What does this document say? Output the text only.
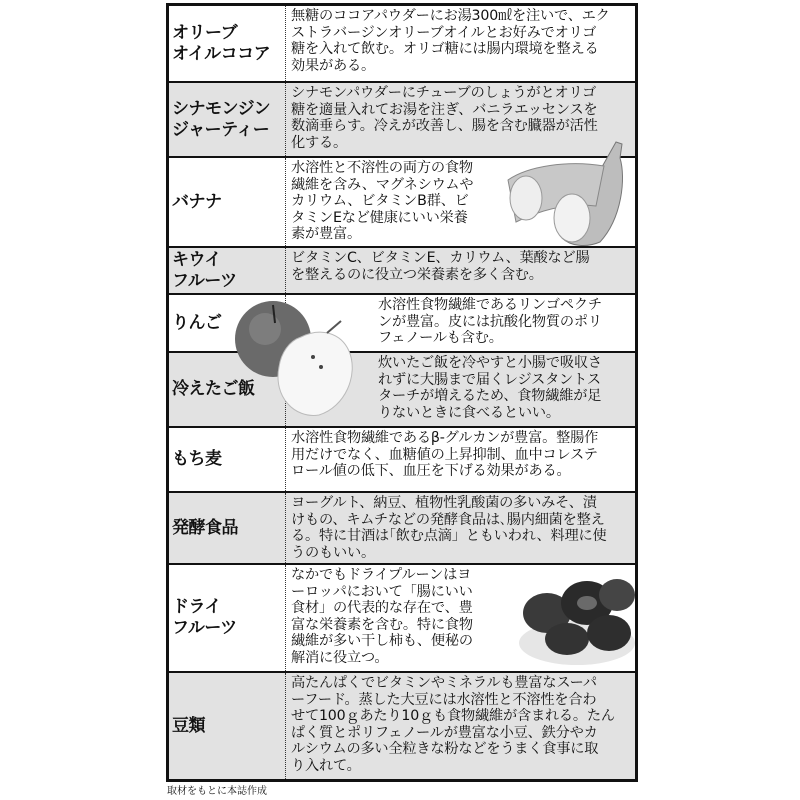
オリーブ
オイルココア
無糖のココアパウダーにお湯300㎖を注いで、エク
ストラバージンオリーブオイルとお好みでオリゴ
糖を入れて飲む。オリゴ糖には腸内環境を整える
効果がある。
シナモンジン
ジャーティー
シナモンパウダーにチューブのしょうがとオリゴ
糖を適量入れてお湯を注ぎ、バニラエッセンスを
数滴垂らす。冷えが改善し、腸を含む臓器が活性
化する。
バナナ
水溶性と不溶性の両方の食物
繊維を含み、マグネシウムや
カリウム、ビタミンB群、ビ
タミンEなど健康にいい栄養
素が豊富。
キウイ
フルーツ
ビタミンC、ビタミンE、カリウム、葉酸など腸
を整えるのに役立つ栄養素を多く含む。
りんご
水溶性食物繊維であるリンゴペクチ
ンが豊富。皮には抗酸化物質のポリ
フェノールも含む。
冷えたご飯
炊いたご飯を冷やすと小腸で吸収さ
れずに大腸まで届くレジスタントス
ターチが増えるため、食物繊維が足
りないときに食べるといい。
もち麦
水溶性食物繊維であるβ-グルカンが豊富。整腸作
用だけでなく、血糖値の上昇抑制、血中コレステ
ロール値の低下、血圧を下げる効果がある。
発酵食品
ヨーグルト、納豆、植物性乳酸菌の多いみそ、漬
けもの、キムチなどの発酵食品は､腸内細菌を整え
る。特に甘酒は｢飲む点滴」ともいわれ、料理に使
うのもいい。
ドライ
フルーツ
なかでもドライプルーンはヨ
ーロッパにおいて「腸にいい
食材」の代表的な存在で、豊
富な栄養素を含む。特に食物
繊維が多い干し柿も、便秘の
解消に役立つ。
豆類
高たんぱくでビタミンやミネラルも豊富なスーパ
ーフード。蒸した大豆には水溶性と不溶性を合わ
せて100ｇあたり10ｇも食物繊維が含まれる。たん
ぱく質とポリフェノールが豊富な小豆、鉄分やカ
ルシウムの多い全粒きな粉などをうまく食事に取
り入れて。
取材をもとに本誌作成
